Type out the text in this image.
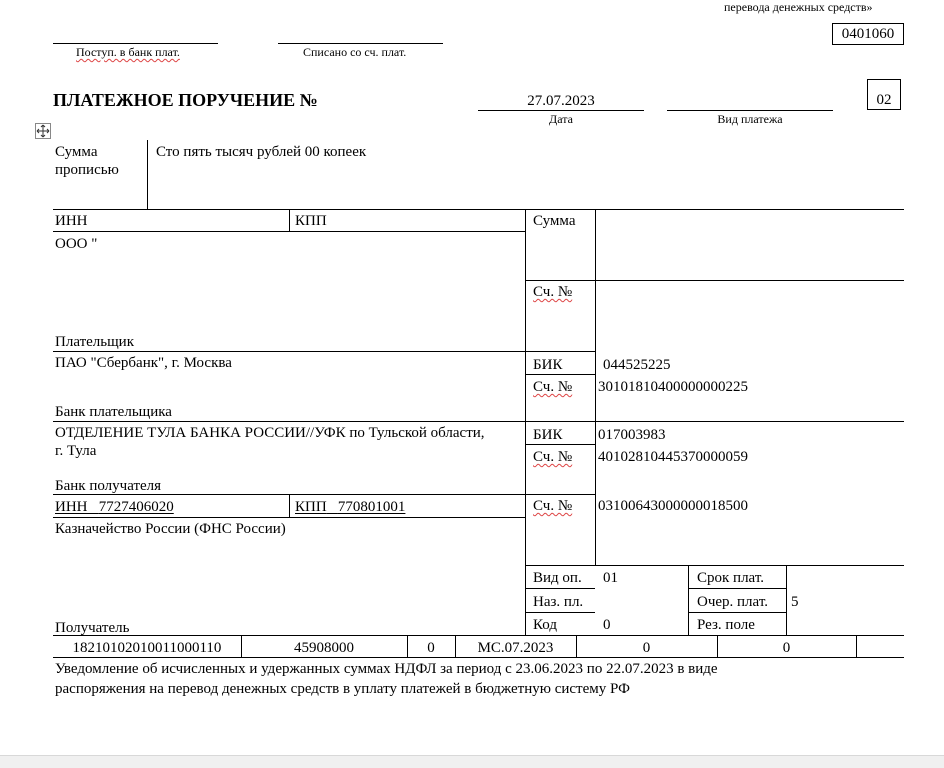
перевода денежных средств»
0401060
Поступ. в банк плат.	Списано со сч. плат.
ПЛАТЕЖНОЕ ПОРУЧЕНИЕ №	27.07.2023
Дата	Вид платежа
02
Сумма
прописью
Сто пять тысяч рублей 00 копеек
ИНН	КПП
ООО "
Плательщик
Сумма
Сч. №
ПАО "Сбербанк", г. Москва
Банк плательщика
БИК	044525225
Сч. № 30101810400000000225
ОТДЕЛЕНИЕ ТУЛА БАНКА РОССИИ//УФК по Тульской области, г. Тула
Банк получателя
БИК 017003983
Сч. № 40102810445370000059
ИНН 7727406020	КПП 770801001
Казначейство России (ФНС России)
Получатель
Сч. № 03100643000000018500
Вид оп. 01
Наз. пл.
Код	0
Срок плат.
Очер. плат. 5
Рез. поле
18210102010011000110	45908000	0	МС.07.2023	0	0
Уведомление об исчисленных и удержанных суммах НДФЛ за период с 23.06.2023 по 22.07.2023 в виде
распоряжения на перевод денежных средств в уплату платежей в бюджетную систему РФ
